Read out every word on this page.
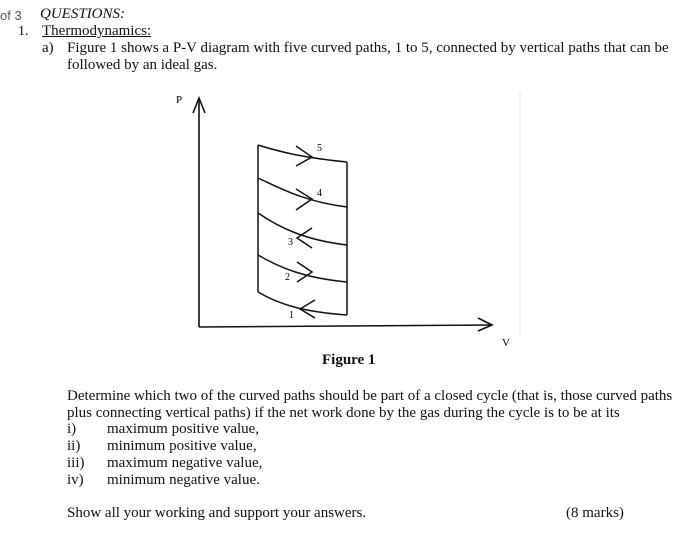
of 3 QUESTIONS:
1. Thermodynamics:
a) Figure 1 shows a P-V diagram with five curved paths, 1 to 5, connected by vertical paths that can be
followed by an ideal gas.
P
V
5
4
3
2
1
Figure 1
Determine which two of the curved paths should be part of a closed cycle (that is, those curved paths
plus connecting vertical paths) if the net work done by the gas during the cycle is to be at its
i) maximum positive value,
ii) minimum positive value,
iii) maximum negative value,
iv) minimum negative value.
Show all your working and support your answers.	(8 marks)
